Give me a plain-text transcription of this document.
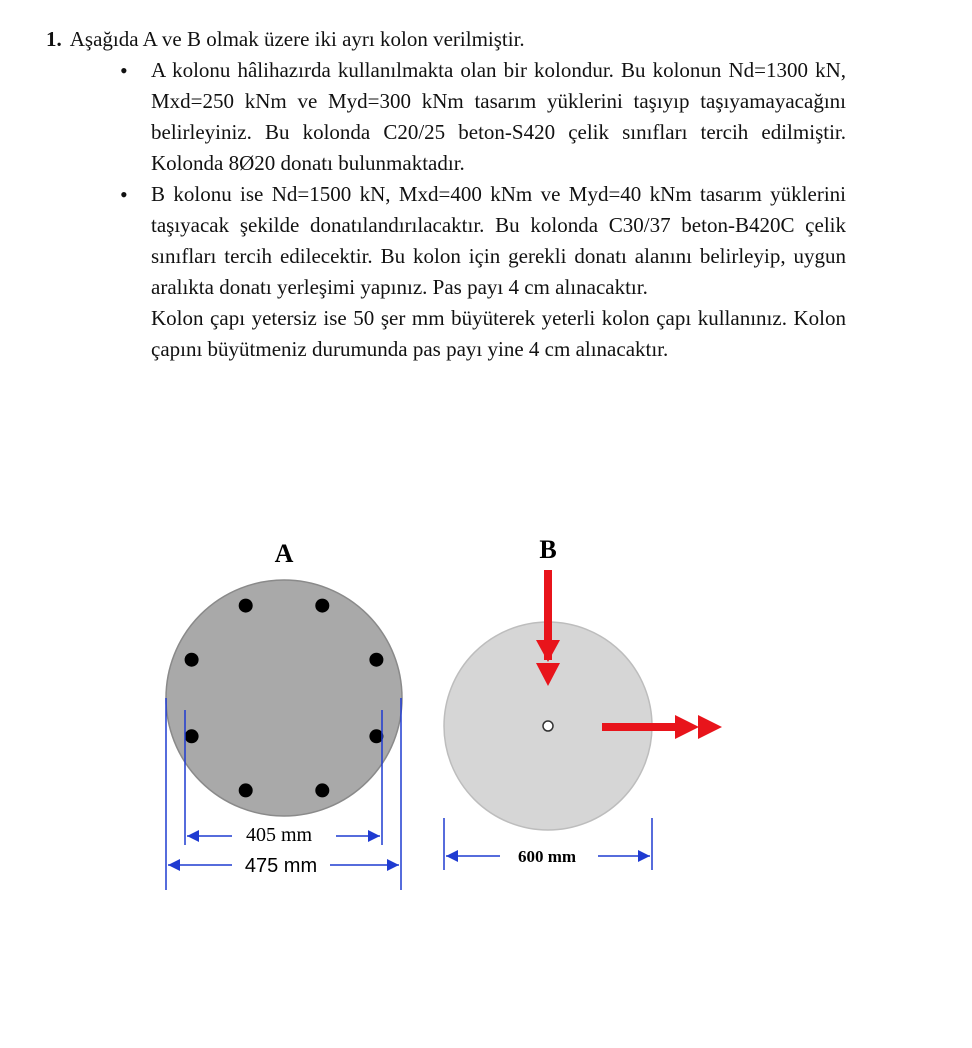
1. Aşağıda A ve B olmak üzere iki ayrı kolon verilmiştir.

• A kolonu hâlihazırda kullanılmakta olan bir kolondur. Bu kolonun Nd=1300 kN, Mxd=250 kNm ve Myd=300 kNm tasarım yüklerini taşıyıp taşıyamayacağını belirleyiniz. Bu kolonda C20/25 beton-S420 çelik sınıfları tercih edilmiştir. Kolonda 8Ø20 donatı bulunmaktadır.

• B kolonu ise Nd=1500 kN, Mxd=400 kNm ve Myd=40 kNm tasarım yüklerini taşıyacak şekilde donatılandırılacaktır. Bu kolonda C30/37 beton-B420C çelik sınıfları tercih edilecektir. Bu kolon için gerekli donatı alanını belirleyip, uygun aralıkta donatı yerleşimi yapınız. Pas payı 4 cm alınacaktır.

Kolon çapı yetersiz ise 50 şer mm büyüterek yeterli kolon çapı kullanınız. Kolon çapını büyütmeniz durumunda pas payı yine 4 cm alınacaktır.

A
405 mm
475 mm
B
600 mm
